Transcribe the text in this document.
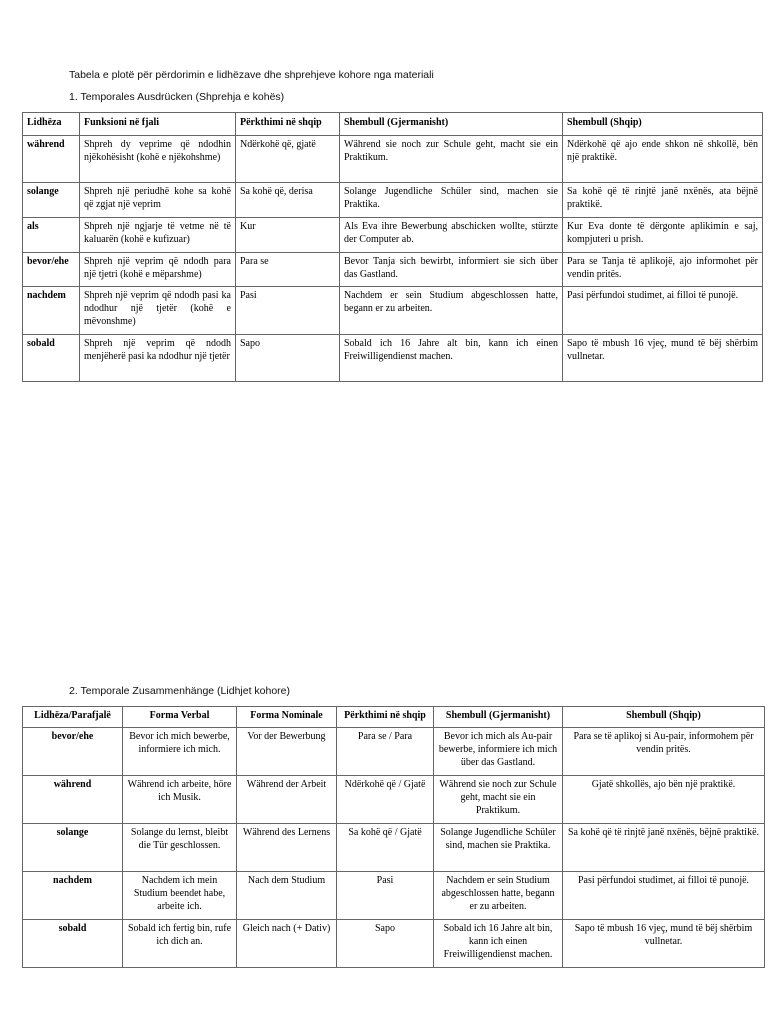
Tabela e plotë për përdorimin e lidhëzave dhe shprehjeve kohore nga materiali
1. Temporales Ausdrücken (Shprehja e kohës)
Lidhëza	Funksioni në fjali	Përkthimi në shqip	Shembull (Gjermanisht)	Shembull (Shqip)
während	Shpreh dy veprime që ndodhin njëkohësisht (kohë e njëkohshme)	Ndërkohë që, gjatë	Während sie noch zur Schule geht, macht sie ein Praktikum.	Ndërkohë që ajo ende shkon në shkollë, bën një praktikë.
solange	Shpreh një periudhë kohe sa kohë që zgjat një veprim	Sa kohë që, derisa	Solange Jugendliche Schüler sind, machen sie Praktika.	Sa kohë që të rinjtë janë nxënës, ata bëjnë praktikë.
als	Shpreh një ngjarje të vetme në të kaluarën (kohë e kufizuar)	Kur	Als Eva ihre Bewerbung abschicken wollte, stürzte der Computer ab.	Kur Eva donte të dërgonte aplikimin e saj, kompjuteri u prish.
bevor/ehe	Shpreh një veprim që ndodh para një tjetri (kohë e mëparshme)	Para se	Bevor Tanja sich bewirbt, informiert sie sich über das Gastland.	Para se Tanja të aplikojë, ajo informohet për vendin pritës.
nachdem	Shpreh një veprim që ndodh pasi ka ndodhur një tjetër (kohë e mëvonshme)	Pasi	Nachdem er sein Studium abgeschlossen hatte, begann er zu arbeiten.	Pasi përfundoi studimet, ai filloi të punojë.
sobald	Shpreh një veprim që ndodh menjëherë pasi ka ndodhur një tjetër	Sapo	Sobald ich 16 Jahre alt bin, kann ich einen Freiwilligendienst machen.	Sapo të mbush 16 vjeç, mund të bëj shërbim vullnetar.
2. Temporale Zusammenhänge (Lidhjet kohore)
Lidhëza/Parafjalë	Forma Verbal	Forma Nominale	Përkthimi në shqip	Shembull (Gjermanisht)	Shembull (Shqip)
bevor/ehe	Bevor ich mich bewerbe, informiere ich mich.	Vor der Bewerbung	Para se / Para	Bevor ich mich als Au-pair bewerbe, informiere ich mich über das Gastland.	Para se të aplikoj si Au-pair, informohem për vendin pritës.
während	Während ich arbeite, höre ich Musik.	Während der Arbeit	Ndërkohë që / Gjatë	Während sie noch zur Schule geht, macht sie ein Praktikum.	Gjatë shkollës, ajo bën një praktikë.
solange	Solange du lernst, bleibt die Tür geschlossen.	Während des Lernens	Sa kohë që / Gjatë	Solange Jugendliche Schüler sind, machen sie Praktika.	Sa kohë që të rinjtë janë nxënës, bëjnë praktikë.
nachdem	Nachdem ich mein Studium beendet habe, arbeite ich.	Nach dem Studium	Pasi	Nachdem er sein Studium abgeschlossen hatte, begann er zu arbeiten.	Pasi përfundoi studimet, ai filloi të punojë.
sobald	Sobald ich fertig bin, rufe ich dich an.	Gleich nach (+ Dativ)	Sapo	Sobald ich 16 Jahre alt bin, kann ich einen Freiwilligendienst machen.	Sapo të mbush 16 vjeç, mund të bëj shërbim vullnetar.
